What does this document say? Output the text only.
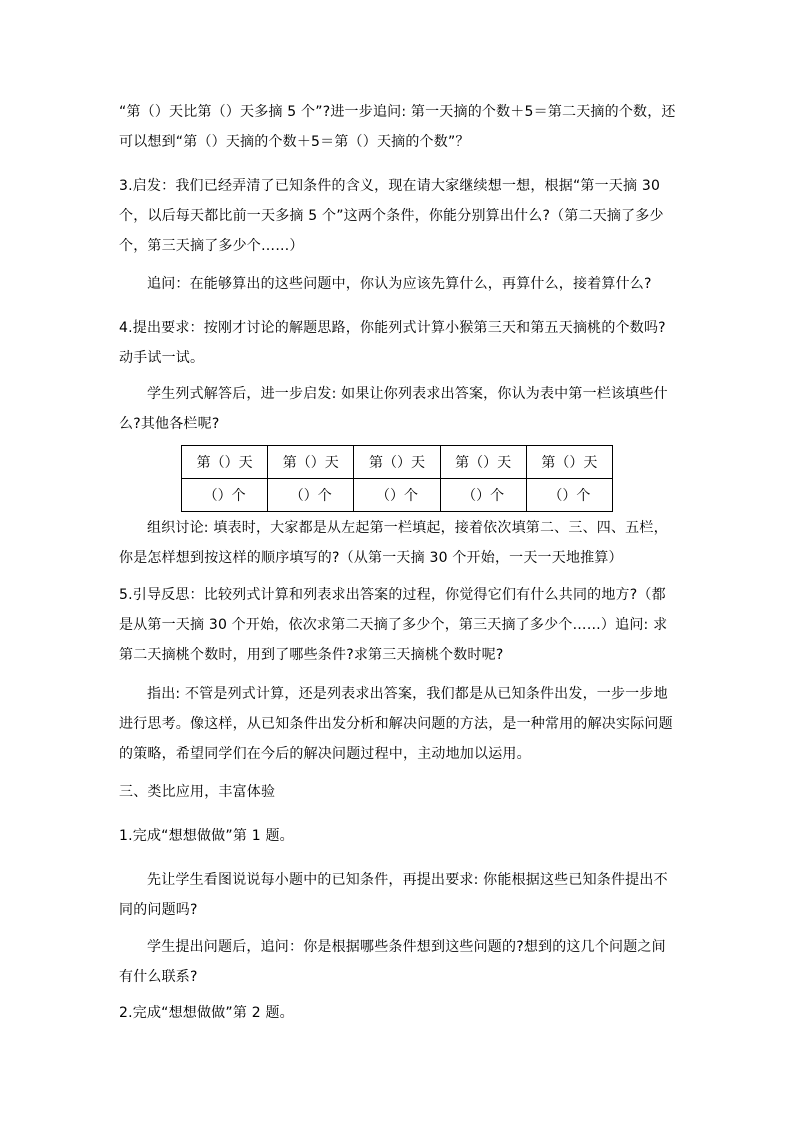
“第（）天比第（）天多摘 5 个”?进一步追问: 第一天摘的个数＋5＝第二天摘的个数，还可以想到“第（）天摘的个数＋5＝第（）天摘的个数”？

3.启发：我们已经弄清了已知条件的含义，现在请大家继续想一想，根据“第一天摘 30 个，以后每天都比前一天多摘 5 个”这两个条件，你能分别算出什么?（第二天摘了多少个，第三天摘了多少个……）

追问：在能够算出的这些问题中，你认为应该先算什么，再算什么，接着算什么?

4.提出要求：按刚才讨论的解题思路，你能列式计算小猴第三天和第五天摘桃的个数吗?动手试一试。

学生列式解答后，进一步启发: 如果让你列表求出答案，你认为表中第一栏该填些什么?其他各栏呢?

第（）天	第（）天	第（）天	第（）天	第（）天
（）个	（）个	（）个	（）个	（）个

组织讨论: 填表时，大家都是从左起第一栏填起，接着依次填第二、三、四、五栏，你是怎样想到按这样的顺序填写的?（从第一天摘 30 个开始，一天一天地推算）

5.引导反思：比较列式计算和列表求出答案的过程，你觉得它们有什么共同的地方?（都是从第一天摘 30 个开始，依次求第二天摘了多少个，第三天摘了多少个……）追问: 求第二天摘桃个数时，用到了哪些条件?求第三天摘桃个数时呢?

指出: 不管是列式计算，还是列表求出答案，我们都是从已知条件出发，一步一步地进行思考。像这样，从已知条件出发分析和解决问题的方法，是一种常用的解决实际问题的策略，希望同学们在今后的解决问题过程中，主动地加以运用。

三、类比应用，丰富体验

1.完成“想想做做”第 1 题。

先让学生看图说说每小题中的已知条件，再提出要求: 你能根据这些已知条件提出不同的问题吗?

学生提出问题后，追问：你是根据哪些条件想到这些问题的?想到的这几个问题之间有什么联系?

2.完成“想想做做”第 2 题。
